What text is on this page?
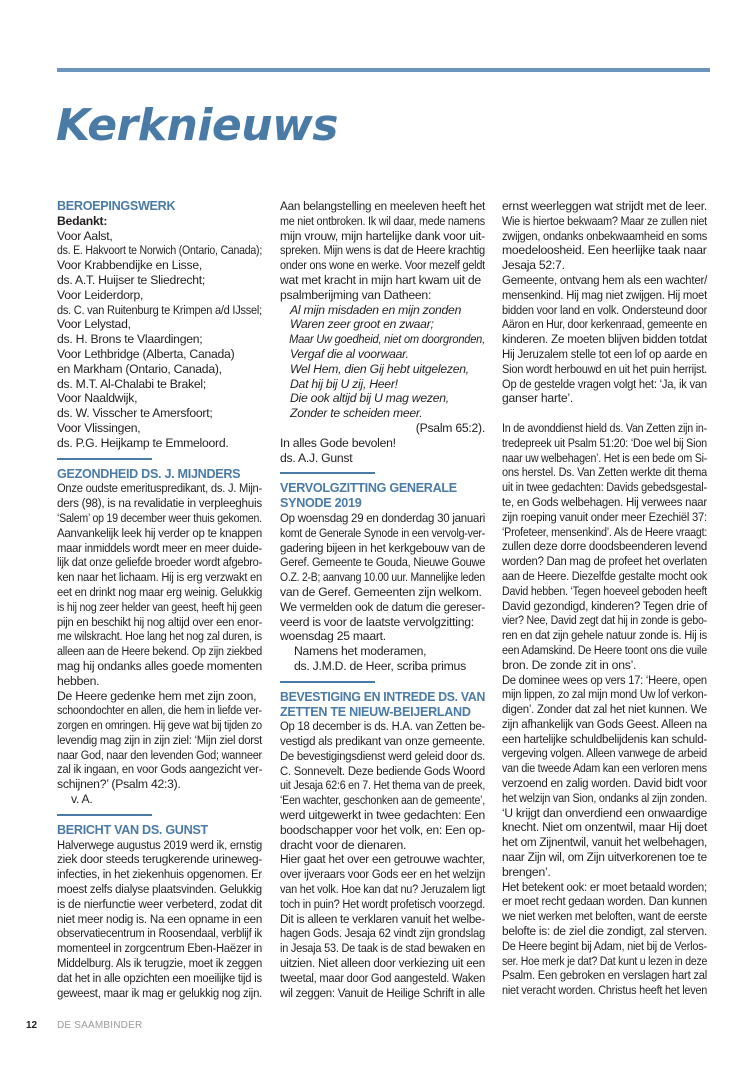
Kerknieuws
BEROEPINGSWERK
Bedankt:
Voor Aalst,
ds. E. Hakvoort te Norwich (Ontario, Canada);
Voor Krabbendijke en Lisse,
ds. A.T. Huijser te Sliedrecht;
Voor Leiderdorp,
ds. C. van Ruitenburg te Krimpen a/d IJssel;
Voor Lelystad,
ds. H. Brons te Vlaardingen;
Voor Lethbridge (Alberta, Canada)
en Markham (Ontario, Canada),
ds. M.T. Al-Chalabi te Brakel;
Voor Naaldwijk,
ds. W. Visscher te Amersfoort;
Voor Vlissingen,
ds. P.G. Heijkamp te Emmeloord.
GEZONDHEID DS. J. MIJNDERS
Onze oudste emerituspredikant, ds. J. Mijn-
ders (98), is na revalidatie in verpleeghuis
‘Salem’ op 19 december weer thuis gekomen.
Aanvankelijk leek hij verder op te knappen
maar inmiddels wordt meer en meer duide-
lijk dat onze geliefde broeder wordt afgebro-
ken naar het lichaam. Hij is erg verzwakt en
eet en drinkt nog maar erg weinig. Gelukkig
is hij nog zeer helder van geest, heeft hij geen
pijn en beschikt hij nog altijd over een enor-
me wilskracht. Hoe lang het nog zal duren, is
alleen aan de Heere bekend. Op zijn ziekbed
mag hij ondanks alles goede momenten
hebben.
De Heere gedenke hem met zijn zoon,
schoondochter en allen, die hem in liefde ver-
zorgen en omringen. Hij geve wat bij tijden zo
levendig mag zijn in zijn ziel: ‘Mijn ziel dorst
naar God, naar den levenden God; wanneer
zal ik ingaan, en voor Gods aangezicht ver-
schijnen?’ (Psalm 42:3).
v. A.
BERICHT VAN DS. GUNST
Halverwege augustus 2019 werd ik, ernstig
ziek door steeds terugkerende urineweg-
infecties, in het ziekenhuis opgenomen. Er
moest zelfs dialyse plaatsvinden. Gelukkig
is de nierfunctie weer verbeterd, zodat dit
niet meer nodig is. Na een opname in een
observatiecentrum in Roosendaal, verblijf ik
momenteel in zorgcentrum Eben-Haëzer in
Middelburg. Als ik terugzie, moet ik zeggen
dat het in alle opzichten een moeilijke tijd is
geweest, maar ik mag er gelukkig nog zijn.
Aan belangstelling en meeleven heeft het
me niet ontbroken. Ik wil daar, mede namens
mijn vrouw, mijn hartelijke dank voor uit-
spreken. Mijn wens is dat de Heere krachtig
onder ons wone en werke. Voor mezelf geldt
wat met kracht in mijn hart kwam uit de
psalmberijming van Datheen:
Al mijn misdaden en mijn zonden
Waren zeer groot en zwaar;
Maar Uw goedheid, niet om doorgronden,
Vergaf die al voorwaar.
Wel Hem, dien Gij hebt uitgelezen,
Dat hij bij U zij, Heer!
Die ook altijd bij U mag wezen,
Zonder te scheiden meer.
(Psalm 65:2).
In alles Gode bevolen!
ds. A.J. Gunst
VERVOLGZITTING GENERALE
SYNODE 2019
Op woensdag 29 en donderdag 30 januari
komt de Generale Synode in een vervolg-ver-
gadering bijeen in het kerkgebouw van de
Geref. Gemeente te Gouda, Nieuwe Gouwe
O.Z. 2-B; aanvang 10.00 uur. Mannelijke leden
van de Geref. Gemeenten zijn welkom.
We vermelden ook de datum die gereser-
veerd is voor de laatste vervolgzitting:
woensdag 25 maart.
Namens het moderamen,
ds. J.M.D. de Heer, scriba primus
BEVESTIGING EN INTREDE DS. VAN
ZETTEN TE NIEUW-BEIJERLAND
Op 18 december is ds. H.A. van Zetten be-
vestigd als predikant van onze gemeente.
De bevestigingsdienst werd geleid door ds.
C. Sonnevelt. Deze bediende Gods Woord
uit Jesaja 62:6 en 7. Het thema van de preek,
‘Een wachter, geschonken aan de gemeente’,
werd uitgewerkt in twee gedachten: Een
boodschapper voor het volk, en: Een op-
dracht voor de dienaren.
Hier gaat het over een getrouwe wachter,
over ijveraars voor Gods eer en het welzijn
van het volk. Hoe kan dat nu? Jeruzalem ligt
toch in puin? Het wordt profetisch voorzegd.
Dit is alleen te verklaren vanuit het welbe-
hagen Gods. Jesaja 62 vindt zijn grondslag
in Jesaja 53. De taak is de stad bewaken en
uitzien. Niet alleen door verkiezing uit een
tweetal, maar door God aangesteld. Waken
wil zeggen: Vanuit de Heilige Schrift in alle
ernst weerleggen wat strijdt met de leer.
Wie is hiertoe bekwaam? Maar ze zullen niet
zwijgen, ondanks onbekwaamheid en soms
moedeloosheid. Een heerlijke taak naar
Jesaja 52:7.
Gemeente, ontvang hem als een wachter/
mensenkind. Hij mag niet zwijgen. Hij moet
bidden voor land en volk. Ondersteund door
Aäron en Hur, door kerkenraad, gemeente en
kinderen. Ze moeten blijven bidden totdat
Hij Jeruzalem stelle tot een lof op aarde en
Sion wordt herbouwd en uit het puin herrijst.
Op de gestelde vragen volgt het: ‘Ja, ik van
ganser harte’.
In de avonddienst hield ds. Van Zetten zijn in-
tredepreek uit Psalm 51:20: ‘Doe wel bij Sion
naar uw welbehagen’. Het is een bede om Si-
ons herstel. Ds. Van Zetten werkte dit thema
uit in twee gedachten: Davids gebedsgestal-
te, en Gods welbehagen. Hij verwees naar
zijn roeping vanuit onder meer Ezechiël 37:
‘Profeteer, mensenkind’. Als de Heere vraagt:
zullen deze dorre doodsbeenderen levend
worden? Dan mag de profeet het overlaten
aan de Heere. Diezelfde gestalte mocht ook
David hebben. ‘Tegen hoeveel geboden heeft
David gezondigd, kinderen? Tegen drie of
vier? Nee, David zegt dat hij in zonde is gebo-
ren en dat zijn gehele natuur zonde is. Hij is
een Adamskind. De Heere toont ons die vuile
bron. De zonde zit in ons’.
De dominee wees op vers 17: ‘Heere, open
mijn lippen, zo zal mijn mond Uw lof verkon-
digen’. Zonder dat zal het niet kunnen. We
zijn afhankelijk van Gods Geest. Alleen na
een hartelijke schuldbelijdenis kan schuld-
vergeving volgen. Alleen vanwege de arbeid
van die tweede Adam kan een verloren mens
verzoend en zalig worden. David bidt voor
het welzijn van Sion, ondanks al zijn zonden.
‘U krijgt dan onverdiend een onwaardige
knecht. Niet om onzentwil, maar Hij doet
het om Zijnentwil, vanuit het welbehagen,
naar Zijn wil, om Zijn uitverkorenen toe te
brengen’.
Het betekent ook: er moet betaald worden;
er moet recht gedaan worden. Dan kunnen
we niet werken met beloften, want de eerste
belofte is: de ziel die zondigt, zal sterven.
De Heere begint bij Adam, niet bij de Verlos-
ser. Hoe merk je dat? Dat kunt u lezen in deze
Psalm. Een gebroken en verslagen hart zal
niet veracht worden. Christus heeft het leven
12 DE SAAMBINDER
